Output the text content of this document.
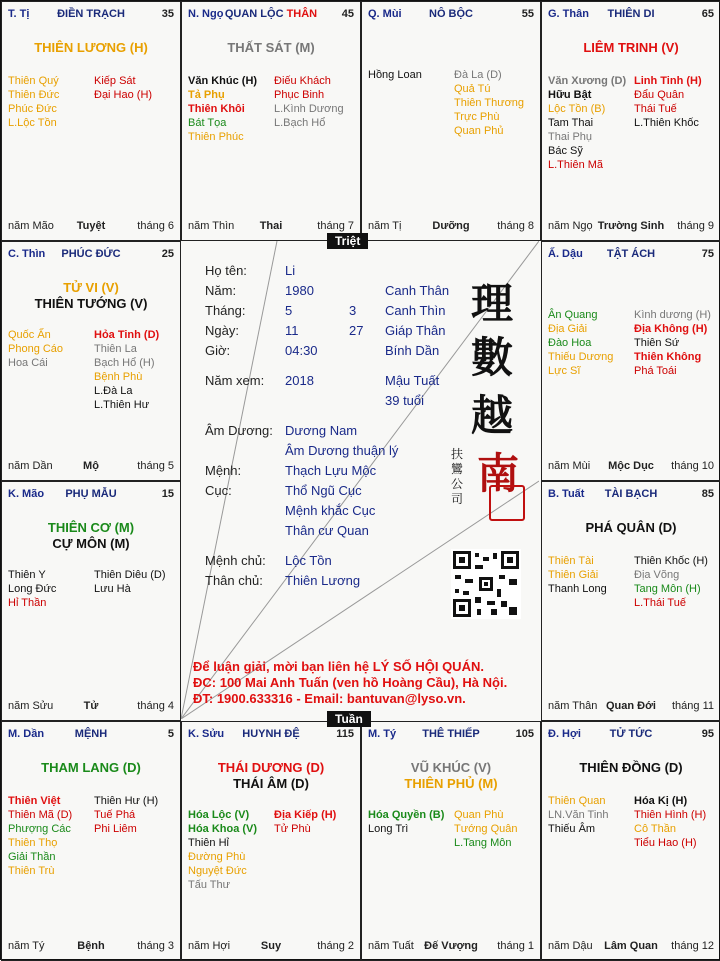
T. Tị	ĐIỀN TRẠCH	35
THIÊN LƯƠNG (H)
Thiên Quý
Thiên Đức
Phúc Đức
L.Lộc Tồn
Kiếp Sát
Đại Hao (H)
năm Mão	Tuyệt	tháng 6
N. Ngọ QUAN LỘC THÂN	45
THẤT SÁT (M)
Văn Khúc (H)
Tả Phụ
Thiên Khôi
Bát Tọa
Thiên Phúc
Điếu Khách
Phục Binh
L.Kình Dương
L.Bạch Hổ
năm Thìn	Thai	tháng 7
Q. Mùi	NÔ BỘC	55
Hồng Loan	Đà La (D)
Quả Tú
Thiên Thương
Trực Phù
Quan Phủ
năm Tị	Dưỡng	tháng 8
G. Thân	THIÊN DI	65
LIÊM TRINH (V)
Văn Xương (D)
Hữu Bật
Lộc Tồn (B)
Tam Thai
Thai Phụ
Bác Sỹ
L.Thiên Mã
Linh Tinh (H)
Đẩu Quân
Thái Tuế
L.Thiên Khốc
năm Ngọ Trường Sinh	tháng 9
Ấ. Dậu	TẬT ÁCH	75
Ân Quang
Địa Giải
Đào Hoa
Thiếu Dương
Lực Sĩ
Kình dương (H)
Địa Không (H)
Thiên Sứ
Thiên Không
Phá Toái
năm Mùi	Mộc Dục	tháng 10
B. Tuất	TÀI BẠCH	85
PHÁ QUÂN (D)
Thiên Tài
Thiên Giải
Thanh Long
Thiên Khốc (H)
Địa Võng
Tang Môn (H)
L.Thái Tuế
năm Thân Quan Đới	tháng 11
Đ. Hợi	TỬ TỨC	95
THIÊN ĐỒNG (D)
Thiên Quan
LN.Văn Tinh
Thiếu Âm
Hóa Kị (H)
Thiên Hình (H)
Cô Thần
Tiểu Hao (H)
năm Dậu	Lâm Quan	tháng 12
M. Tý	THÊ THIẾP	105
VŨ KHÚC (V)
THIÊN PHỦ (M)
Hóa Quyền (B)
Long Trì
Quan Phù
Tướng Quân
L.Tang Môn
năm Tuất Đế Vượng	tháng 1
K. Sửu	HUYNH ĐỆ	115
THÁI DƯƠNG (D)
THÁI ÂM (D)
Hóa Lộc (V)
Hóa Khoa (V)
Thiên Hỉ
Đường Phù
Nguyệt Đức
Tấu Thư
Địa Kiếp (H)
Tử Phù
năm Hợi	Suy	tháng 2
M. Dần	MỆNH	5
THAM LANG (D)
Thiên Việt
Thiên Mã (D)
Phượng Các
Thiên Thọ
Giải Thần
Thiên Trù
Thiên Hư (H)
Tuế Phá
Phi Liêm
năm Tý	Bệnh	tháng 3
K. Mão	PHỤ MẪU	15
THIÊN CƠ (M)
CỰ MÔN (M)
Thiên Y
Long Đức
Hỉ Thần
Thiên Diêu (D)
Lưu Hà
năm Sửu	Tử	tháng 4
C. Thìn	PHÚC ĐỨC	25
TỬ VI (V)
THIÊN TƯỚNG (V)
Quốc Ấn
Phong Cáo
Hoa Cái
Hỏa Tinh (D)
Thiên La
Bạch Hổ (H)
Bệnh Phù
L.Đà La
L.Thiên Hư
năm Dần	Mộ	tháng 5
Họ tên:	Li
Năm:	1980	Canh Thân
Tháng:	5	3 Canh Thìn
Ngày:	11	27 Giáp Thân
Giờ:	04:30	Bính Dần
Năm xem: 2018	Mậu Tuất
39 tuổi
Âm Dương: Dương Nam
Âm Dương thuận lý
Mệnh:	Thạch Lựu Mộc
Cục:	Thổ Ngũ Cục
Mệnh khắc Cục
Thân cư Quan
Mệnh chủ: Lộc Tồn
Thân chủ: Thiên Lương
理
數
越
南
扶
鸞
公
司
Để luận giải, mời bạn liên hệ LÝ SỐ HỘI QUÁN.
ĐC: 100 Mai Anh Tuấn (ven hồ Hoàng Cầu), Hà Nội.
ĐT: 1900.633316 - Email: bantuvan@lyso.vn.
Triệt
Tuần
